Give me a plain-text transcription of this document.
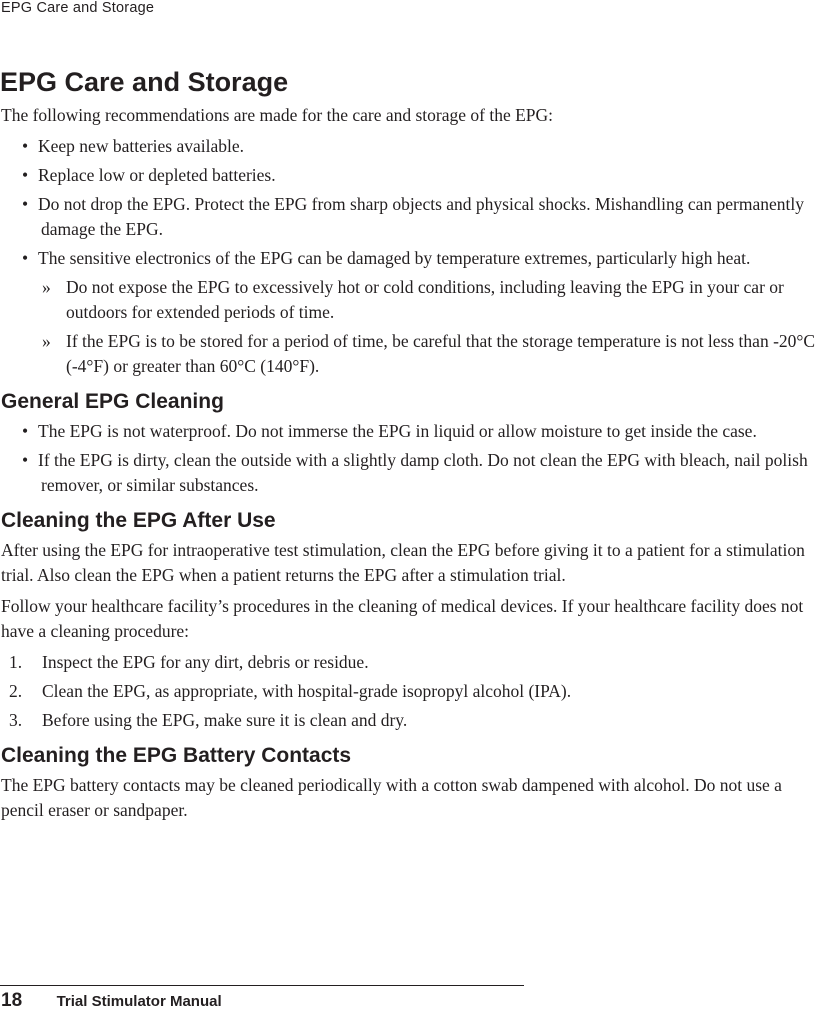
EPG Care and Storage
EPG Care and Storage

The following recommendations are made for the care and storage of the EPG:

• Keep new batteries available.
• Replace low or depleted batteries.
• Do not drop the EPG. Protect the EPG from sharp objects and physical shocks. Mishandling can permanently damage the EPG.
• The sensitive electronics of the EPG can be damaged by temperature extremes, particularly high heat.
» Do not expose the EPG to excessively hot or cold conditions, including leaving the EPG in your car or outdoors for extended periods of time.
» If the EPG is to be stored for a period of time, be careful that the storage temperature is not less than -20°C (-4°F) or greater than 60°C (140°F).
General EPG Cleaning
• The EPG is not waterproof. Do not immerse the EPG in liquid or allow moisture to get inside the case.
• If the EPG is dirty, clean the outside with a slightly damp cloth. Do not clean the EPG with bleach, nail polish remover, or similar substances.
Cleaning the EPG After Use

After using the EPG for intraoperative test stimulation, clean the EPG before giving it to a patient for a stimulation trial. Also clean the EPG when a patient returns the EPG after a stimulation trial.

Follow your healthcare facility’s procedures in the cleaning of medical devices. If your healthcare facility does not have a cleaning procedure:

1. Inspect the EPG for any dirt, debris or residue.
2. Clean the EPG, as appropriate, with hospital-grade isopropyl alcohol (IPA).
3. Before using the EPG, make sure it is clean and dry.
Cleaning the EPG Battery Contacts

The EPG battery contacts may be cleaned periodically with a cotton swab dampened with alcohol. Do not use a pencil eraser or sandpaper.

18 Trial Stimulator Manual
